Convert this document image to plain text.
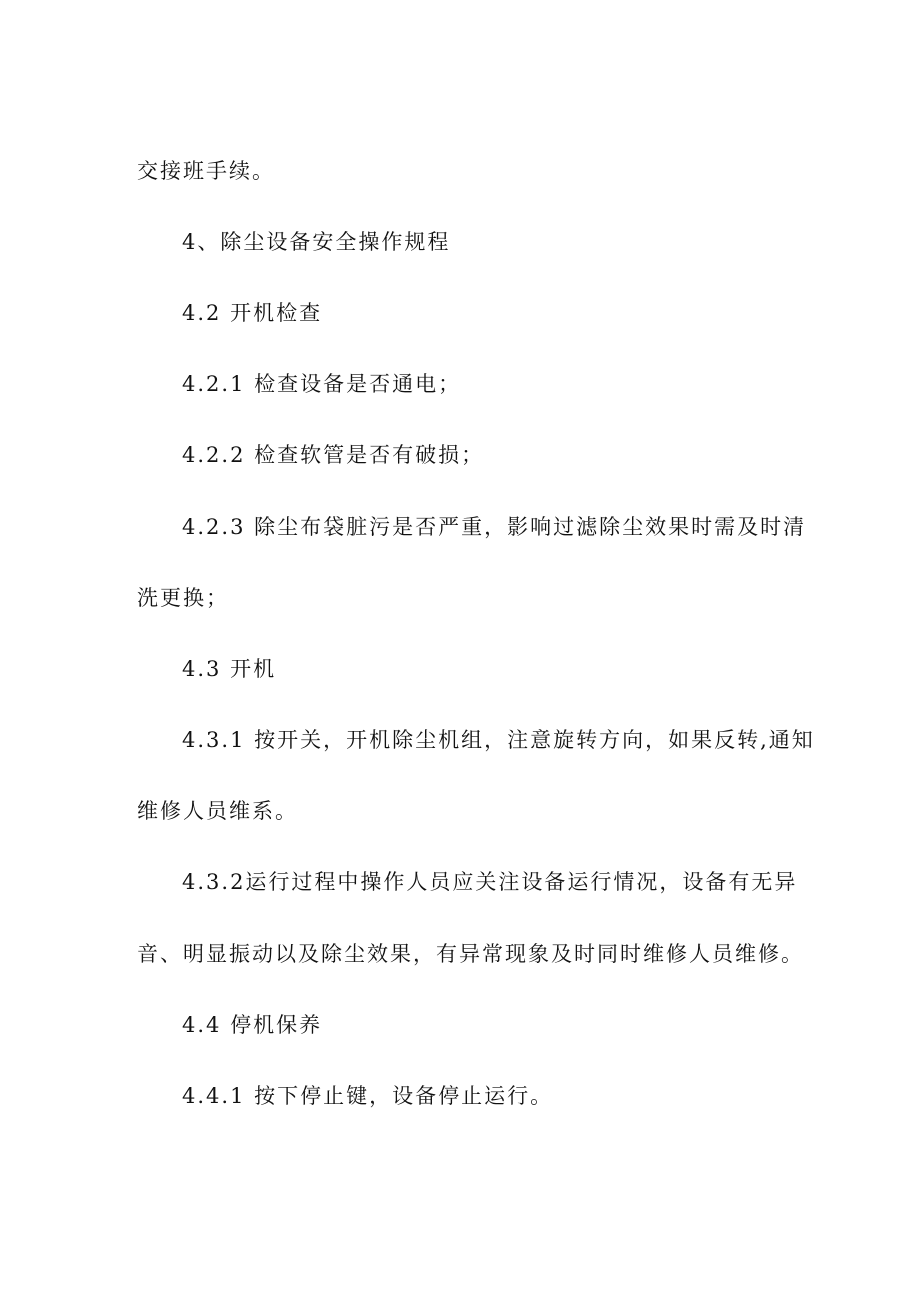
交接班手续。
4、除尘设备安全操作规程
4.2 开机检查
4.2.1 检查设备是否通电；
4.2.2 检查软管是否有破损；
4.2.3 除尘布袋脏污是否严重，影响过滤除尘效果时需及时清
洗更换；
4.3 开机
4.3.1 按开关，开机除尘机组，注意旋转方向，如果反转,通知
维修人员维系。
4.3.2运行过程中操作人员应关注设备运行情况，设备有无异
音、明显振动以及除尘效果，有异常现象及时同时维修人员维修。
4.4 停机保养
4.4.1 按下停止键，设备停止运行。
